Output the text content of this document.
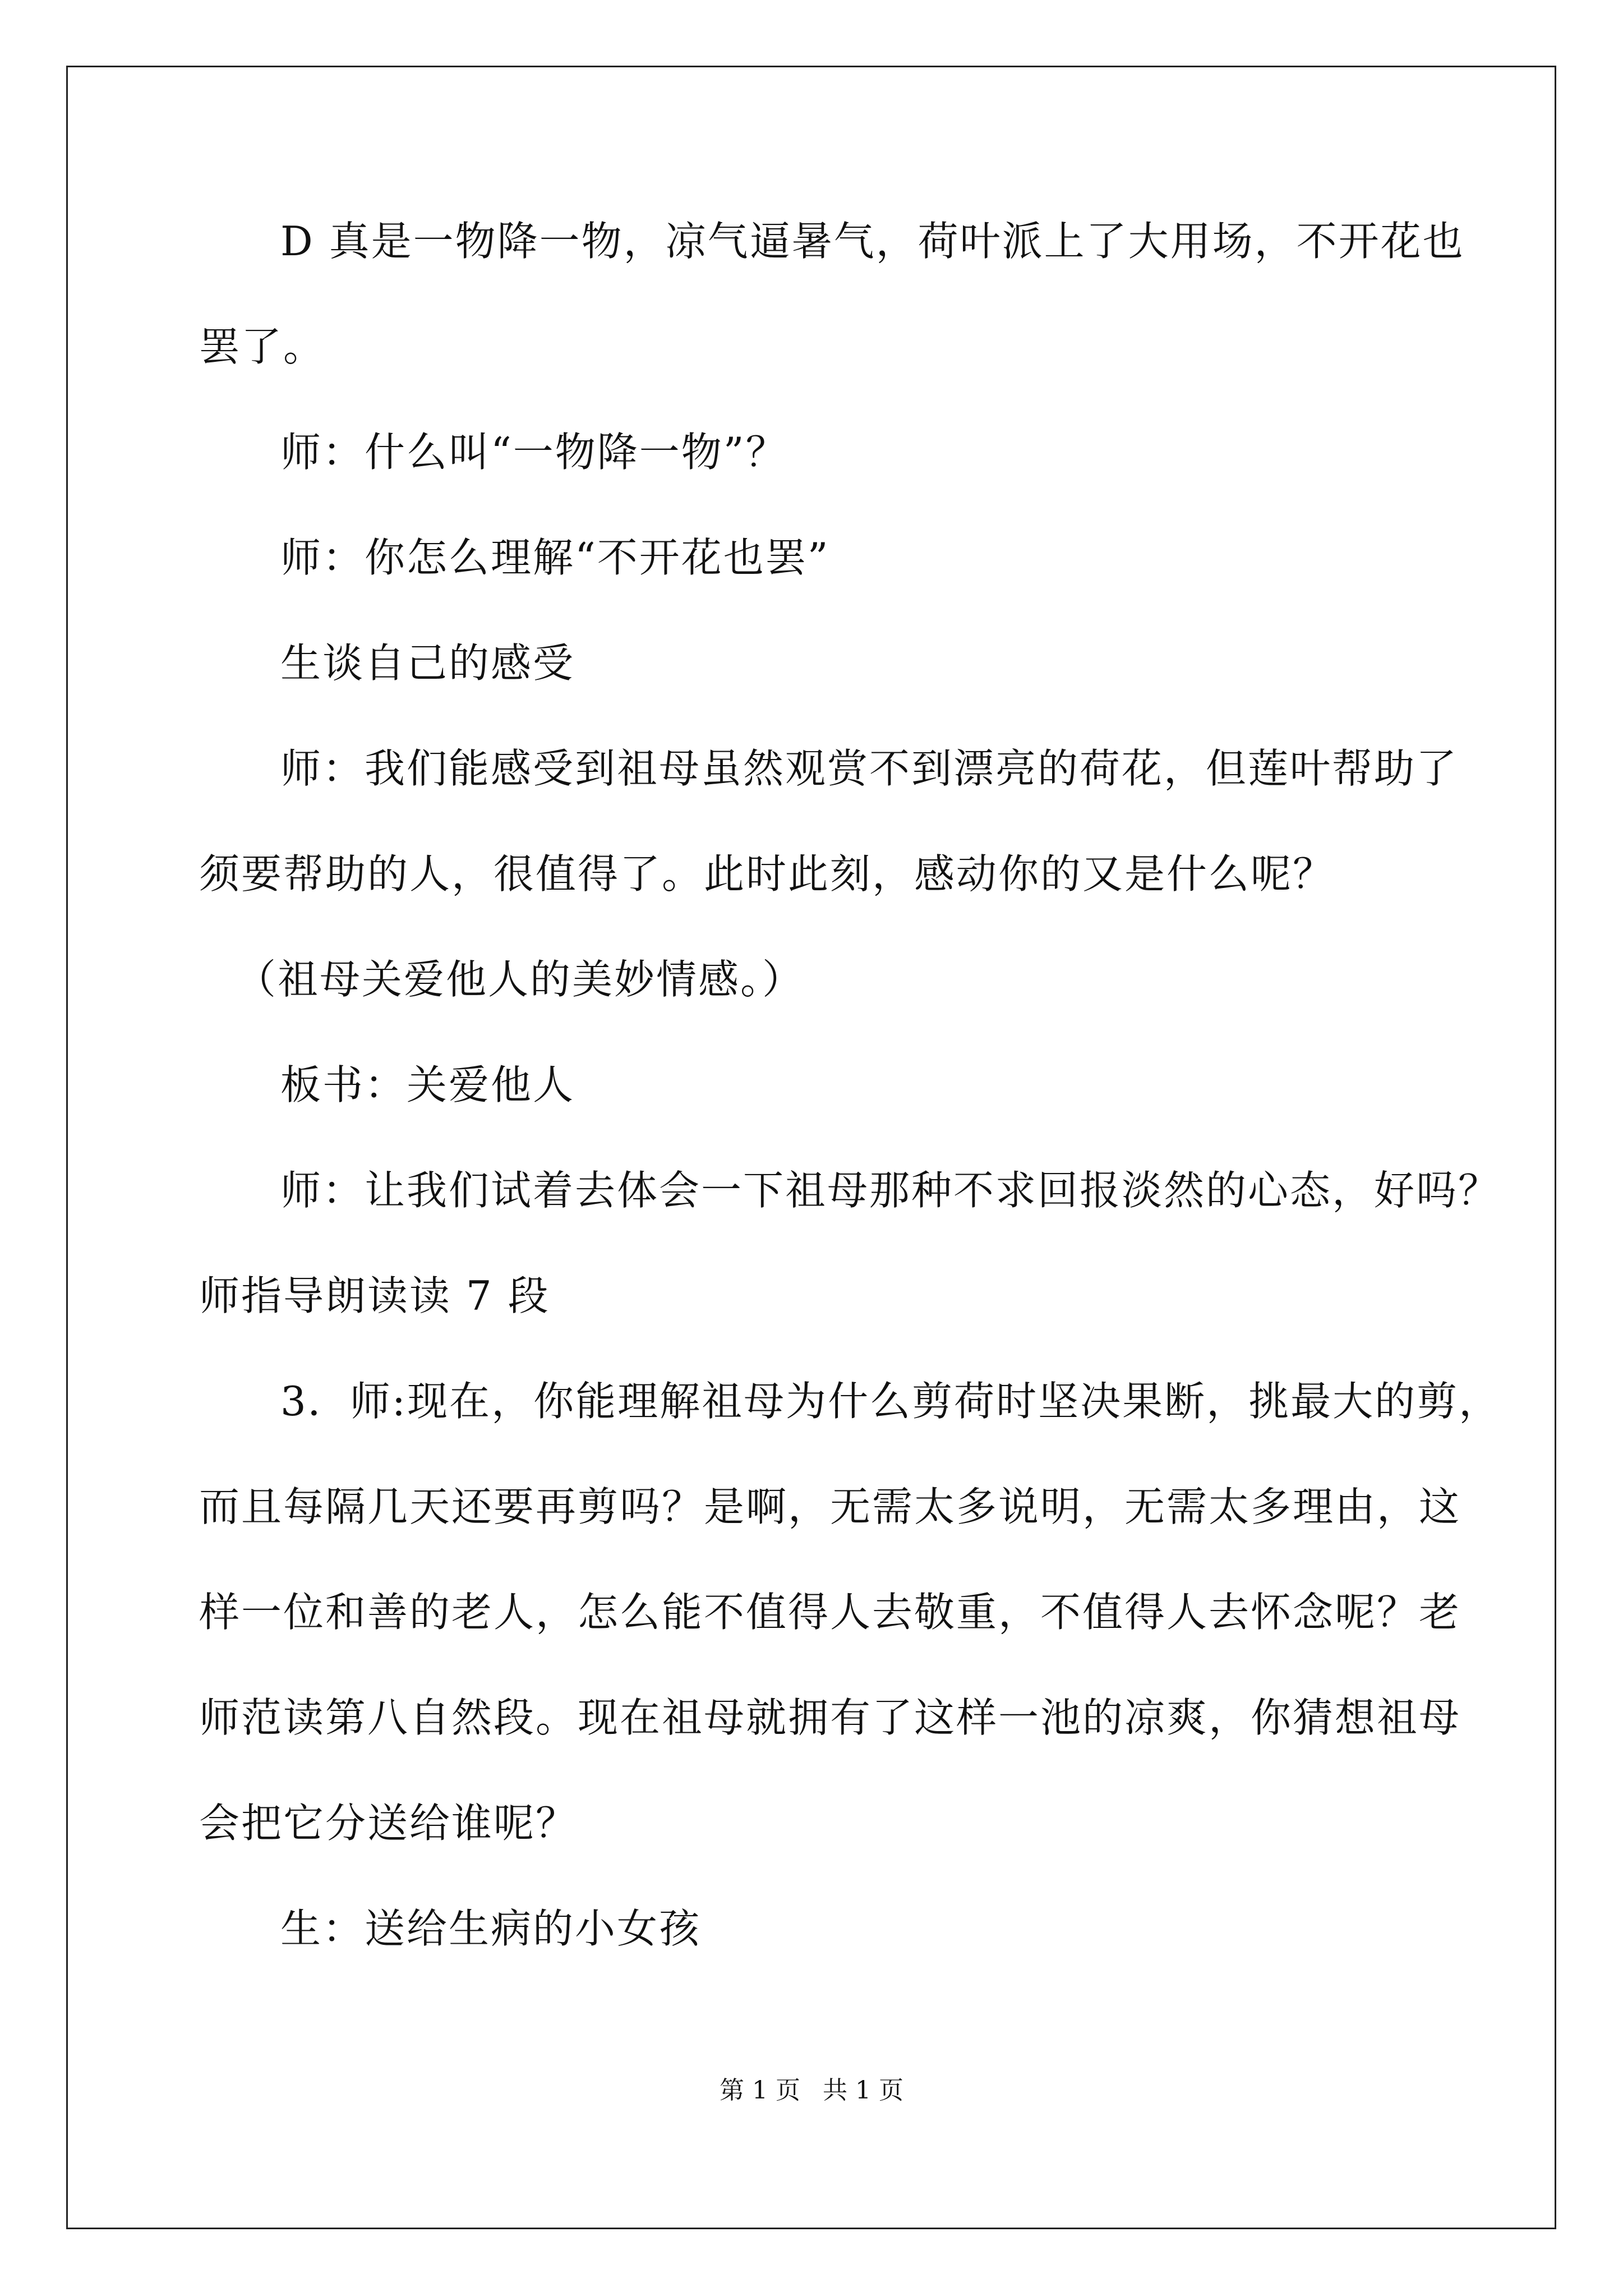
D 真是一物降一物，凉气逼暑气，荷叶派上了大用场，不开花也
罢了。
师：什么叫“一物降一物”？
师：你怎么理解“不开花也罢”
生谈自己的感受
师：我们能感受到祖母虽然观赏不到漂亮的荷花，但莲叶帮助了
须要帮助的人，很值得了。此时此刻，感动你的又是什么呢？
（祖母关爱他人的美妙情感。）
板书：关爱他人
师：让我们试着去体会一下祖母那种不求回报淡然的心态，好吗？
师指导朗读读 7 段
3．师:现在，你能理解祖母为什么剪荷时坚决果断，挑最大的剪，
而且每隔几天还要再剪吗？是啊，无需太多说明，无需太多理由，这
样一位和善的老人，怎么能不值得人去敬重，不值得人去怀念呢？老
师范读第八自然段。现在祖母就拥有了这样一池的凉爽，你猜想祖母
会把它分送给谁呢？
生：送给生病的小女孩
第 1 页 共 1 页
